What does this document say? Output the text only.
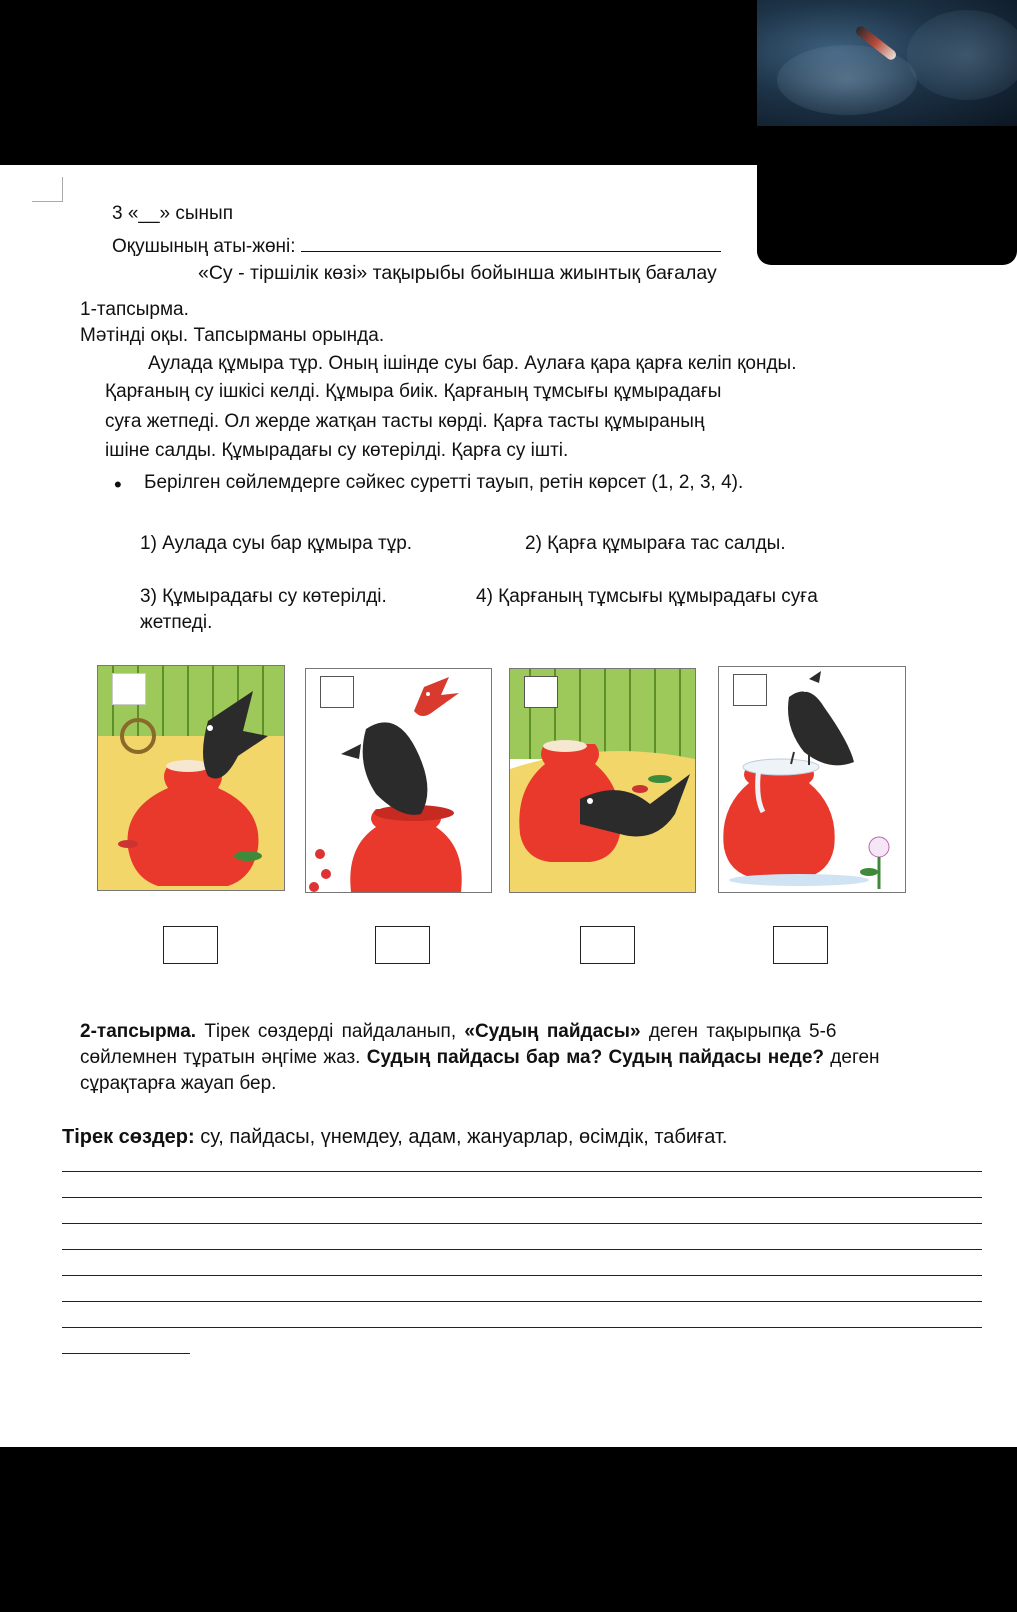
3 «__» сынып
Оқушының аты-жөні:
«Су - тіршілік көзі» тақырыбы бойынша жиынтық бағалау
1-тапсырма.
Мәтінді оқы. Тапсырманы орында.
Аулада құмыра тұр. Оның ішінде суы бар. Аулаға қара қарға келіп қонды.
Қарғаның су ішкісі келді. Құмыра биік. Қарғаның тұмсығы құмырадағы
суға жетпеді. Ол жерде жатқан тасты көрді. Қарға тасты құмыраның
ішіне салды. Құмырадағы су көтерілді. Қарға су ішті.
• Берілген сөйлемдерге сәйкес суретті тауып, ретін көрсет (1, 2, 3, 4).
1) Аулада суы бар құмыра тұр.	2) Қарға құмыраға тас салды.
3) Құмырадағы су көтерілді.	4) Қарғаның тұмсығы құмырадағы суға
жетпеді.
2-тапсырма. Тірек сөздерді пайдаланып, «Судың пайдасы» деген тақырыпқа 5-6
сөйлемнен тұратын әңгіме жаз. Судың пайдасы бар ма? Судың пайдасы неде? деген
сұрақтарға жауап бер.
Тірек сөздер: су, пайдасы, үнемдеу, адам, жануарлар, өсімдік, табиғат.
